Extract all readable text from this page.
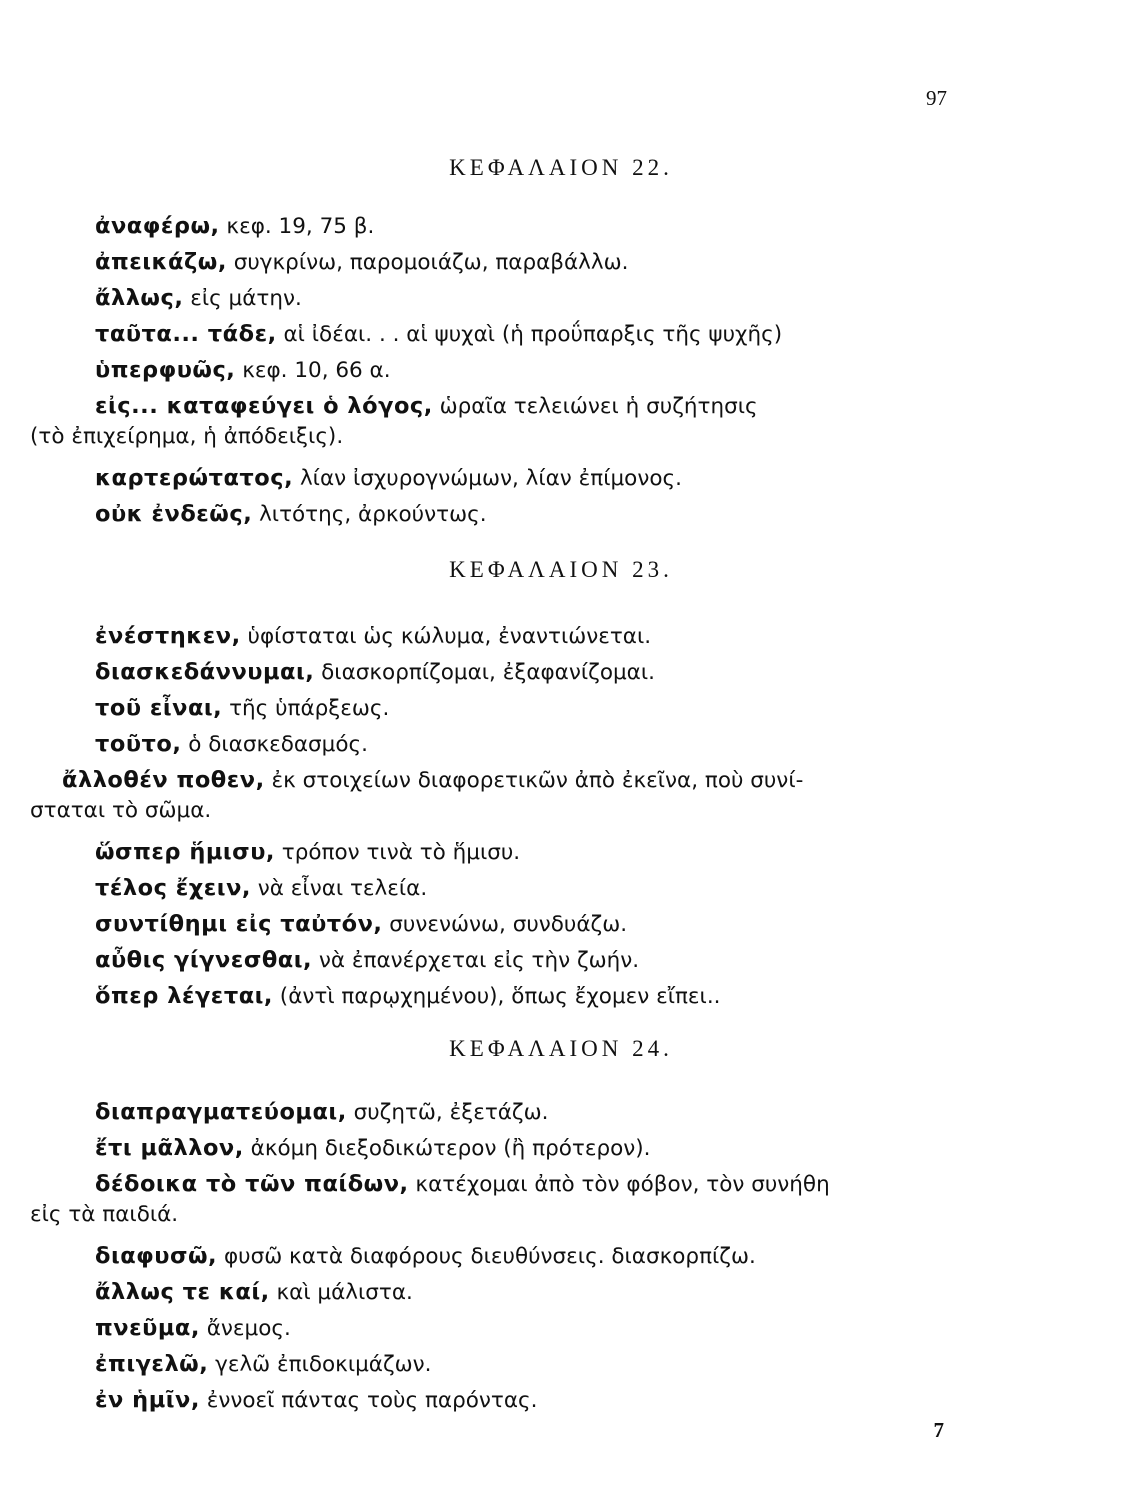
97
ΚΕΦΑΛΑΙΟΝ 22.
ἀναφέρω, κεφ. 19, 75 β.
ἀπεικάζω, συγκρίνω, παρομοιάζω, παραβάλλω.
ἄλλως, εἰς μάτην.
ταῦτα... τάδε, αἱ ἰδέαι. . . αἱ ψυχαὶ (ἡ προΰπαρξις τῆς ψυχῆς)
ὑπερφυῶς, κεφ. 10, 66 α.
εἰς... καταφεύγει ὁ λόγος, ὡραῖα τελειώνει ἡ συζήτησις
(τὸ ἐπιχείρημα, ἡ ἀπόδειξις).
καρτερώτατος, λίαν ἰσχυρογνώμων, λίαν ἐπίμονος.
οὐκ ἐνδεῶς, λιτότης, ἀρκούντως.
ΚΕΦΑΛΑΙΟΝ 23.
ἐνέστηκεν, ὑφίσταται ὡς κώλυμα, ἐναντιώνεται.
διασκεδάννυμαι, διασκορπίζομαι, ἐξαφανίζομαι.
τοῦ εἶναι, τῆς ὑπάρξεως.
τοῦτο, ὁ διασκεδασμός.
ἄλλοθέν ποθεν, ἐκ στοιχείων διαφορετικῶν ἀπὸ ἐκεῖνα, ποὺ συνί-
σταται τὸ σῶμα.
ὥσπερ ἥμισυ, τρόπον τινὰ τὸ ἥμισυ.
τέλος ἔχειν, νὰ εἶναι τελεία.
συντίθημι εἰς ταὐτόν, συνενώνω, συνδυάζω.
αὖθις γίγνεσθαι, νὰ ἐπανέρχεται εἰς τὴν ζωήν.
ὅπερ λέγεται, (ἀντὶ παρῳχημένου), ὅπως ἔχομεν εἴπει..
ΚΕΦΑΛΑΙΟΝ 24.
διαπραγματεύομαι, συζητῶ, ἐξετάζω.
ἔτι μᾶλλον, ἀκόμη διεξοδικώτερον (ἢ πρότερον).
δέδοικα τὸ τῶν παίδων, κατέχομαι ἀπὸ τὸν φόβον, τὸν συνήθη
εἰς τὰ παιδιά.
διαφυσῶ, φυσῶ κατὰ διαφόρους διευθύνσεις. διασκορπίζω.
ἄλλως τε καί, καὶ μάλιστα.
πνεῦμα, ἄνεμος.
ἐπιγελῶ, γελῶ ἐπιδοκιμάζων.
ἐν ἡμῖν, ἐννοεῖ πάντας τοὺς παρόντας.
7
